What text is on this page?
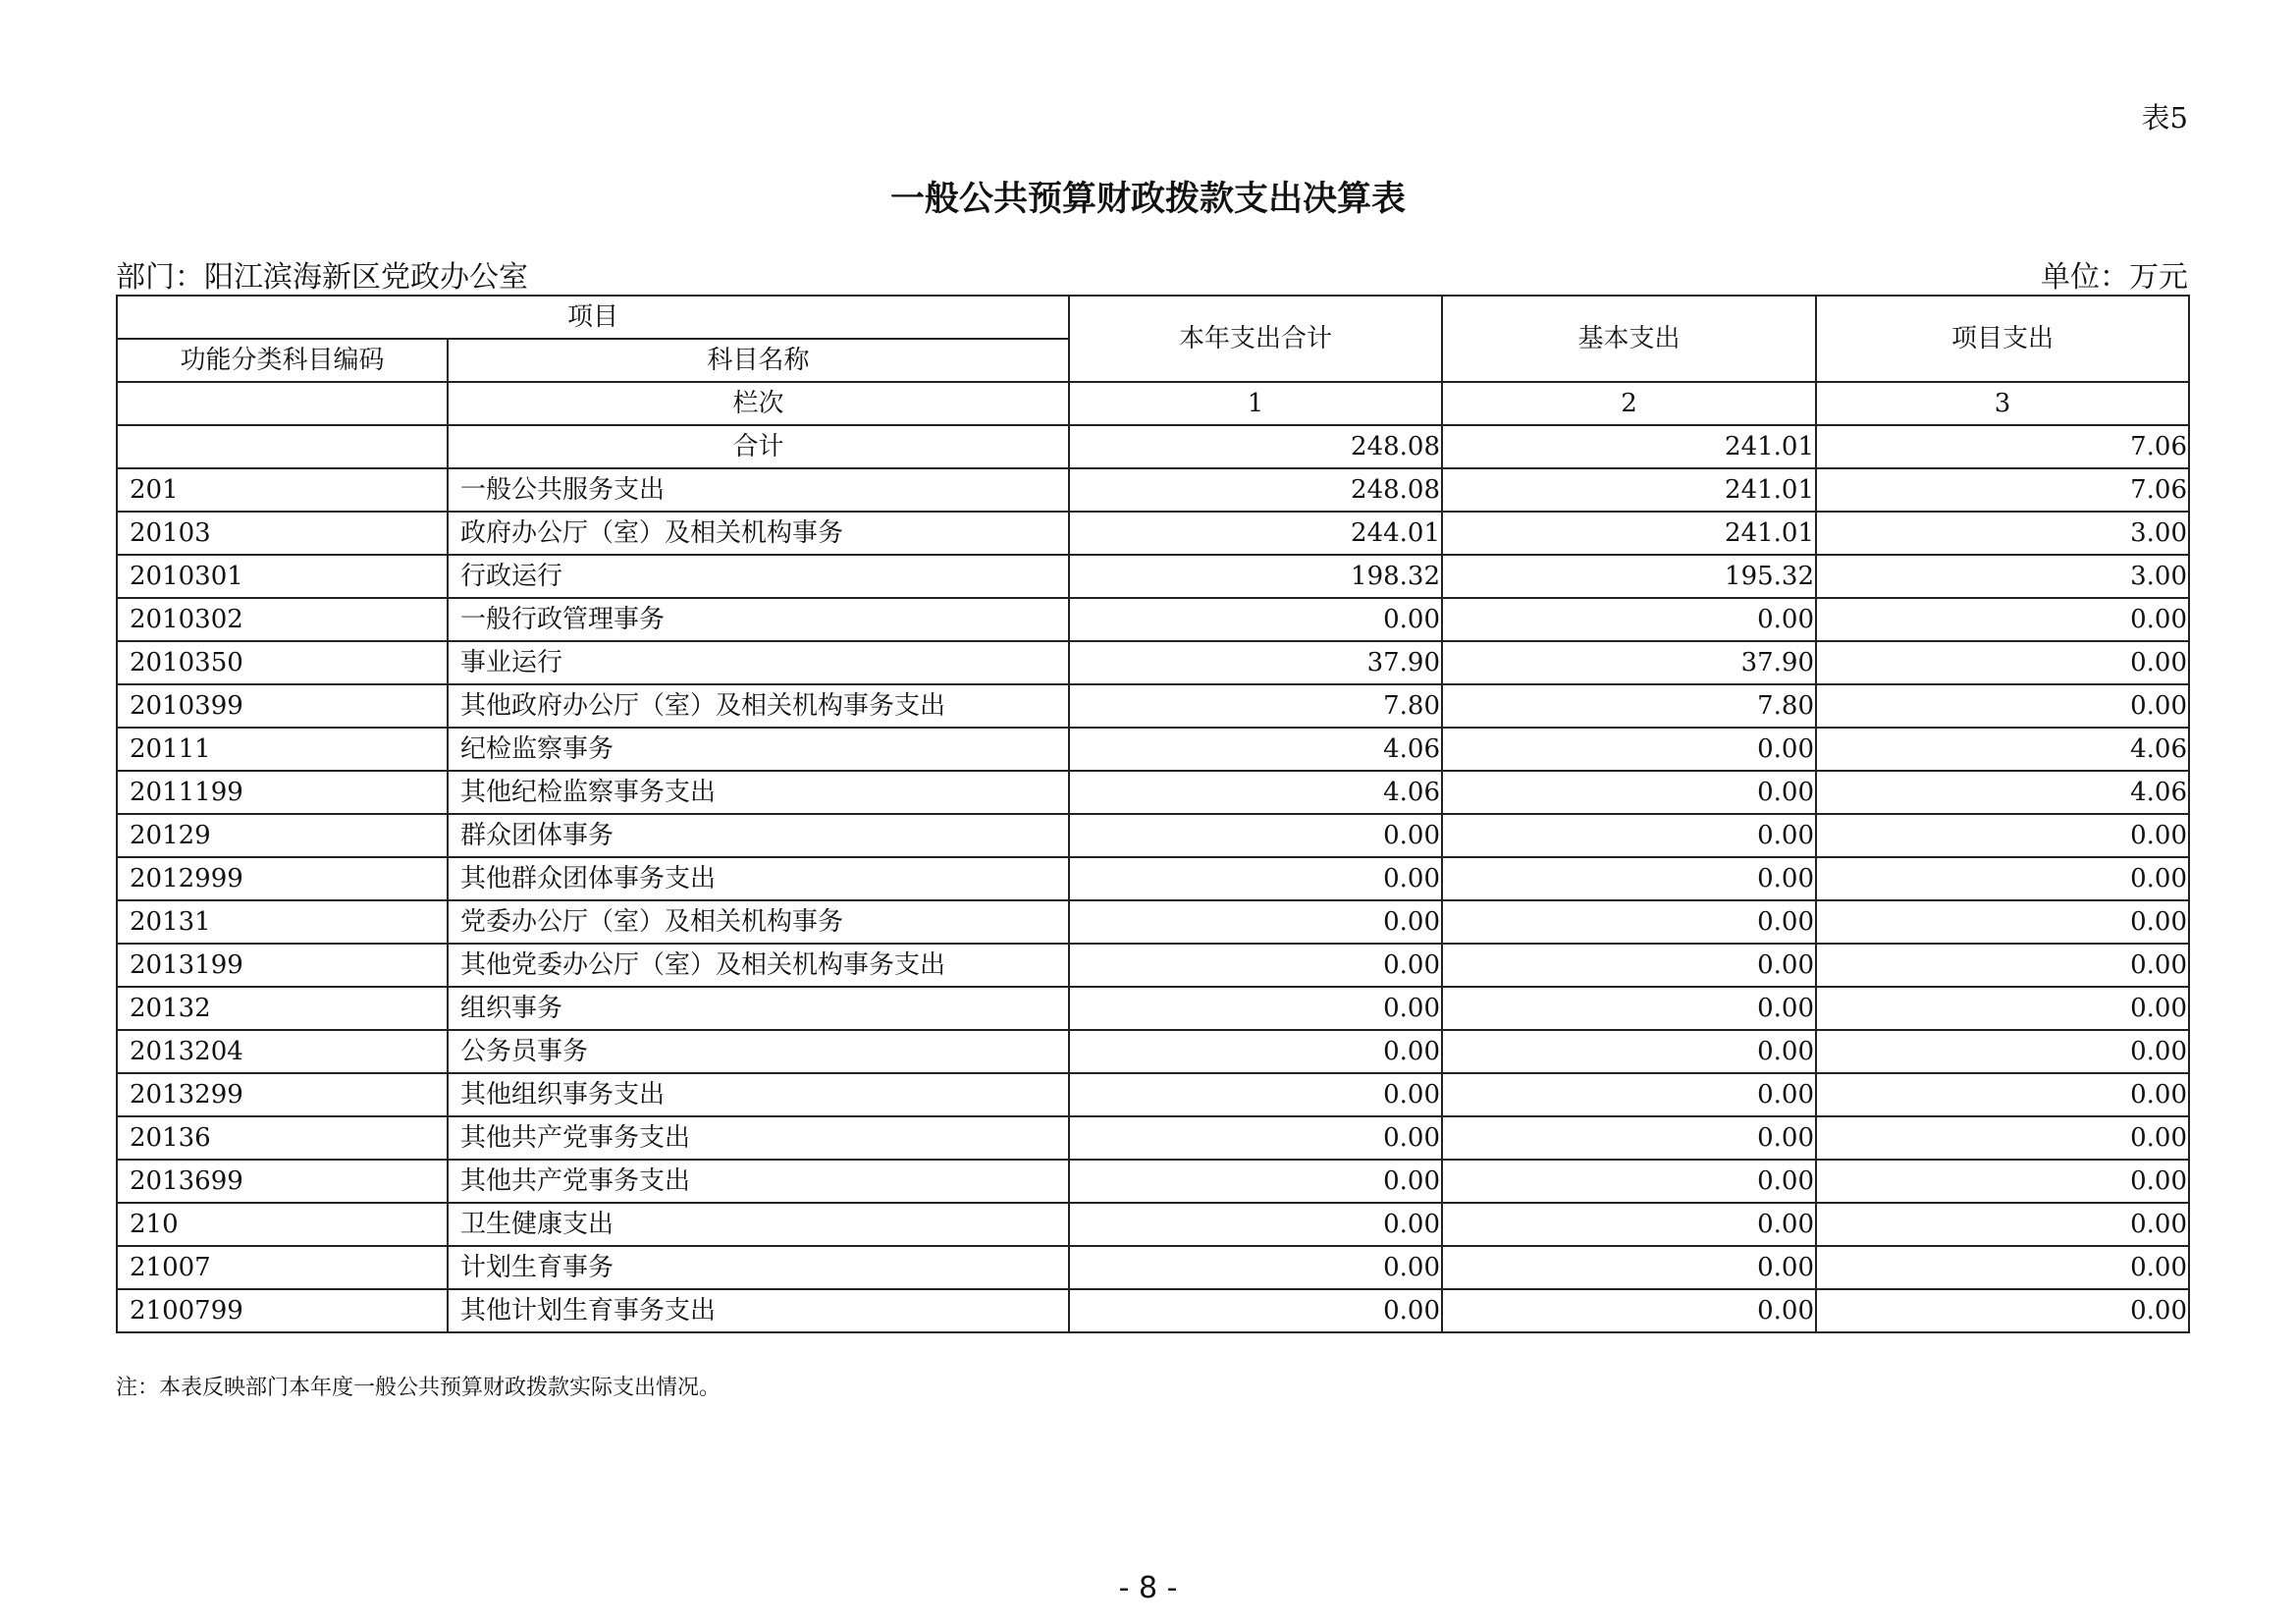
表5
一般公共预算财政拨款支出决算表
部门：阳江滨海新区党政办公室	单位：万元
项目		本年支出合计	基本支出	项目支出
功能分类科目编码	科目名称			
	栏次	1	2	3
	合计	248.08	241.01	7.06
201	一般公共服务支出	248.08	241.01	7.06
20103	政府办公厅（室）及相关机构事务	244.01	241.01	3.00
2010301	行政运行	198.32	195.32	3.00
2010302	一般行政管理事务	0.00	0.00	0.00
2010350	事业运行	37.90	37.90	0.00
2010399	其他政府办公厅（室）及相关机构事务支出	7.80	7.80	0.00
20111	纪检监察事务	4.06	0.00	4.06
2011199	其他纪检监察事务支出	4.06	0.00	4.06
20129	群众团体事务	0.00	0.00	0.00
2012999	其他群众团体事务支出	0.00	0.00	0.00
20131	党委办公厅（室）及相关机构事务	0.00	0.00	0.00
2013199	其他党委办公厅（室）及相关机构事务支出	0.00	0.00	0.00
20132	组织事务	0.00	0.00	0.00
2013204	公务员事务	0.00	0.00	0.00
2013299	其他组织事务支出	0.00	0.00	0.00
20136	其他共产党事务支出	0.00	0.00	0.00
2013699	其他共产党事务支出	0.00	0.00	0.00
210	卫生健康支出	0.00	0.00	0.00
21007	计划生育事务	0.00	0.00	0.00
2100799	其他计划生育事务支出	0.00	0.00	0.00
注：本表反映部门本年度一般公共预算财政拨款实际支出情况。
- 8 -
